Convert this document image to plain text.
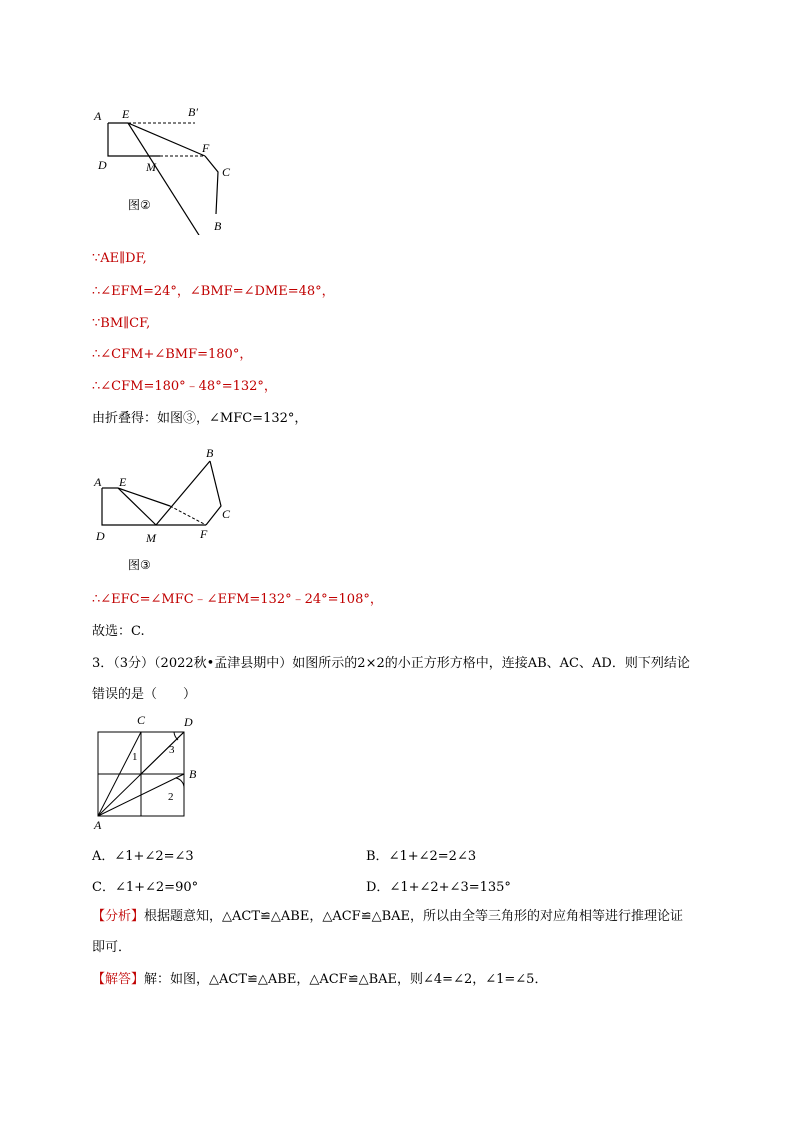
A E	B′
F
D	M	C
B
图②
∵AE∥DF,
∴∠EFM=24°，∠BMF=∠DME=48°，
∵BM∥CF,
∴∠CFM+∠BMF=180°，
∴∠CFM=180°﹣48°=132°，
由折叠得：如图③，∠MFC=132°，
A E
B
C
D	M	F
图③
∴∠EFC=∠MFC﹣∠EFM=132°﹣24°=108°，
故选：C.
3．（3分）（2022秋•孟津县期中）如图所示的2×2的小正方形方格中，连接AB、AC、AD．则下列结论
错误的是（　　）
C	D
B
A
1
2
3
A．∠1+∠2=∠3	B．∠1+∠2=2∠3
C．∠1+∠2=90°	D．∠1+∠2+∠3=135°
【分析】根据题意知，△ACT≌△ABE，△ACF≌△BAE，所以由全等三角形的对应角相等进行推理论证
即可．
【解答】解：如图，△ACT≌△ABE，△ACF≌△BAE，则∠4=∠2，∠1=∠5．
